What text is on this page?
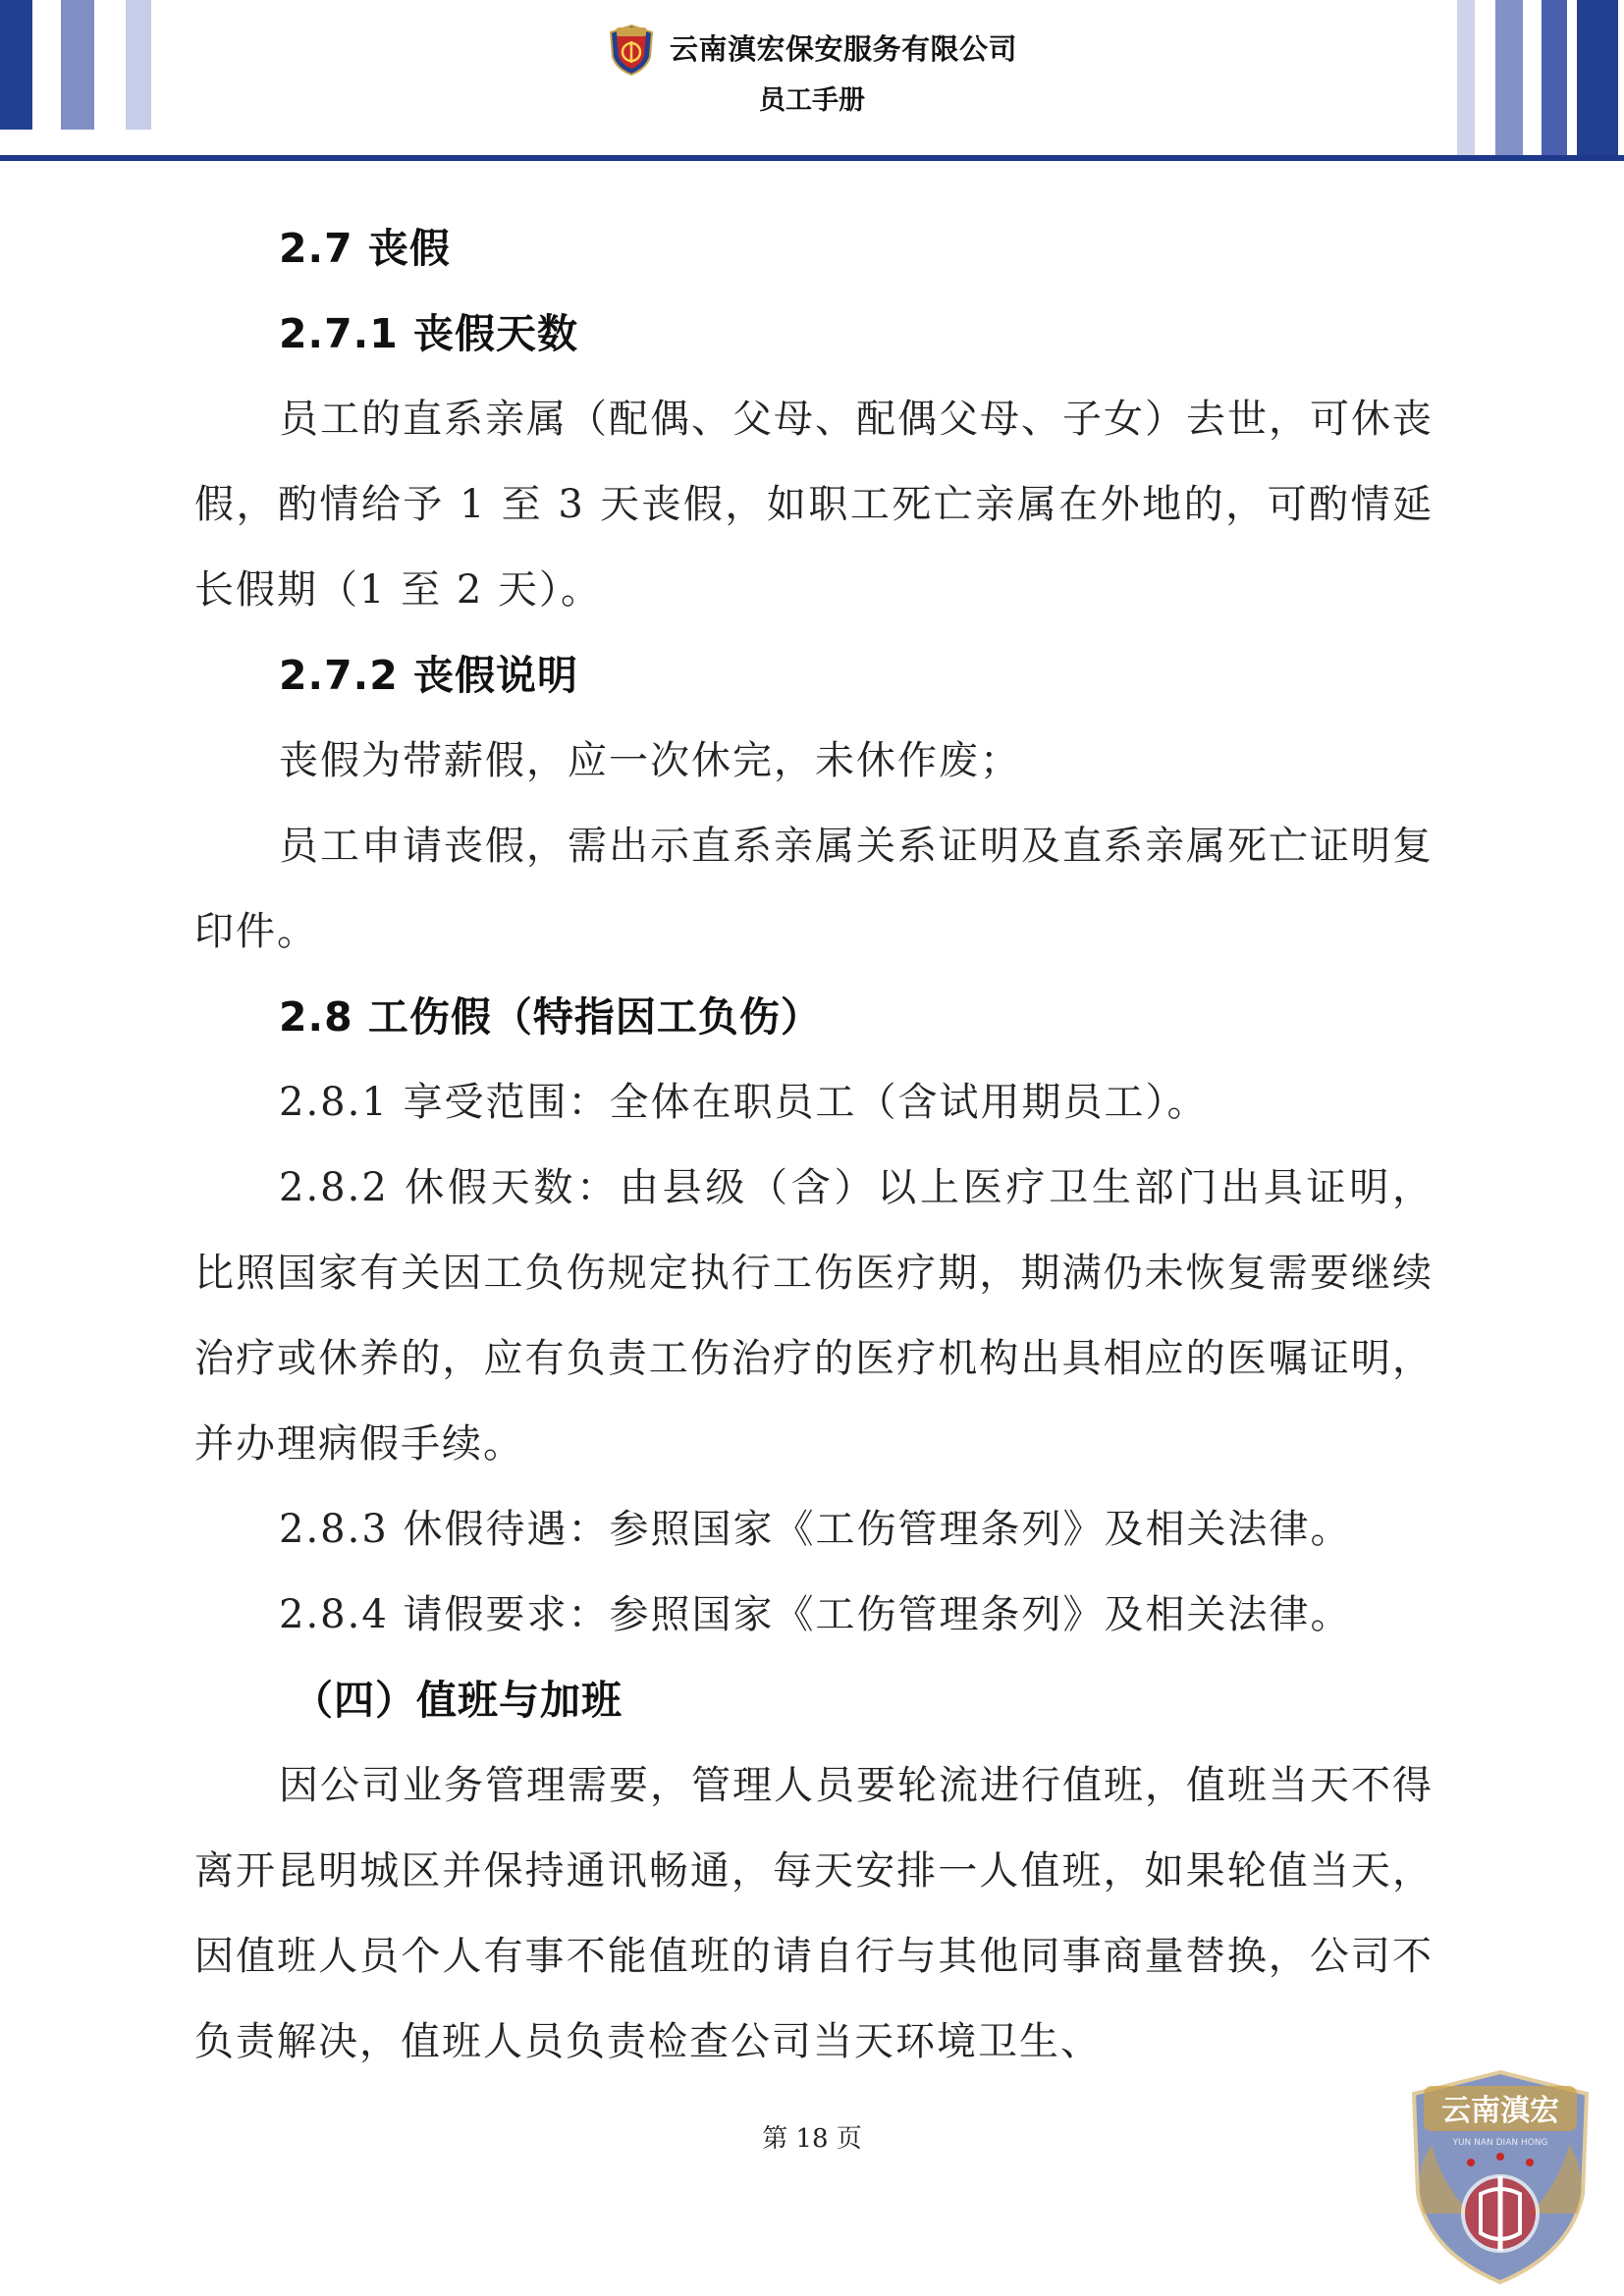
云南滇宏保安服务有限公司
员工手册
2.7 丧假
2.7.1 丧假天数

员工的直系亲属（配偶、父母、配偶父母、子女）去世，可休丧假，酌情给予 1 至 3 天丧假，如职工死亡亲属在外地的，可酌情延长假期（1 至 2 天）。

2.7.2 丧假说明

丧假为带薪假，应一次休完，未休作废；

员工申请丧假，需出示直系亲属关系证明及直系亲属死亡证明复印件。

2.8 工伤假（特指因工负伤）

2.8.1 享受范围：全体在职员工（含试用期员工）。

2.8.2 休假天数：由县级（含）以上医疗卫生部门出具证明，比照国家有关因工负伤规定执行工伤医疗期，期满仍未恢复需要继续治疗或休养的，应有负责工伤治疗的医疗机构出具相应的医嘱证明，并办理病假手续。

2.8.3 休假待遇：参照国家《工伤管理条列》及相关法律。

2.8.4 请假要求：参照国家《工伤管理条列》及相关法律。

（四）值班与加班

因公司业务管理需要，管理人员要轮流进行值班，值班当天不得离开昆明城区并保持通讯畅通，每天安排一人值班，如果轮值当天，因值班人员个人有事不能值班的请自行与其他同事商量替换，公司不负责解决，值班人员负责检查公司当天环境卫生、

第 18 页
云南滇宏
YUN NAN DIAN HONG
